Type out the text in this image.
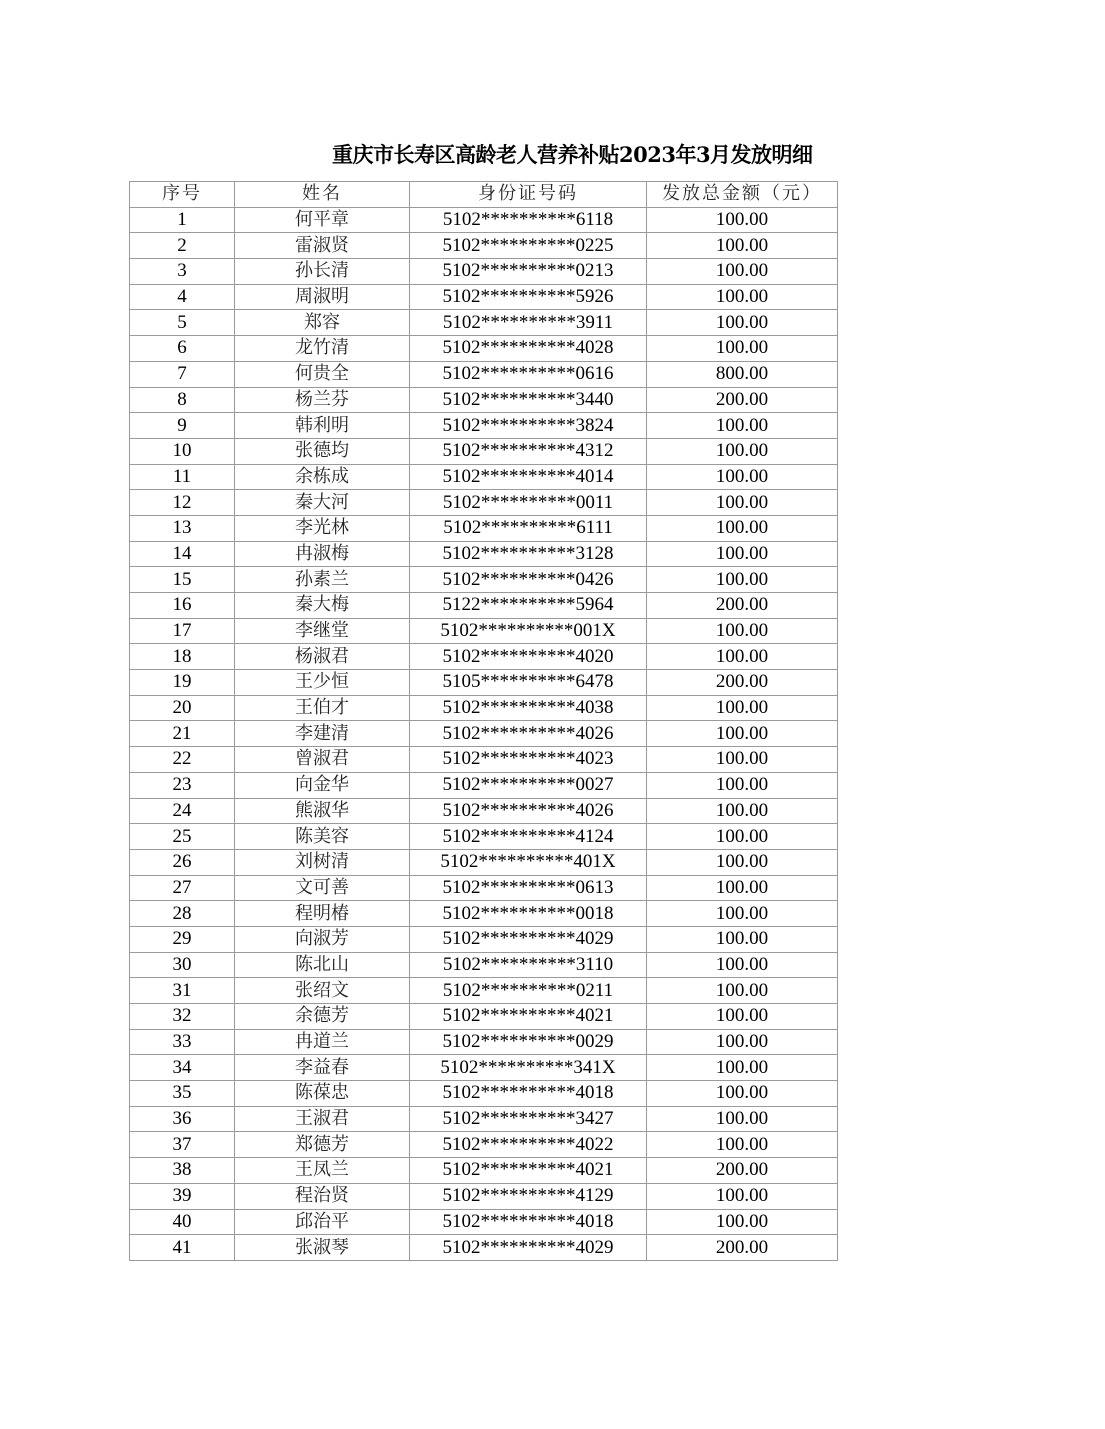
重庆市长寿区高龄老人营养补贴2023年3月发放明细
序号	姓名	身份证号码	发放总金额（元）
1	何平章	5102**********6118	100.00
2	雷淑贤	5102**********0225	100.00
3	孙长清	5102**********0213	100.00
4	周淑明	5102**********5926	100.00
5	郑容	5102**********3911	100.00
6	龙竹清	5102**********4028	100.00
7	何贵全	5102**********0616	800.00
8	杨兰芬	5102**********3440	200.00
9	韩利明	5102**********3824	100.00
10	张德均	5102**********4312	100.00
11	余栋成	5102**********4014	100.00
12	秦大河	5102**********0011	100.00
13	李光林	5102**********6111	100.00
14	冉淑梅	5102**********3128	100.00
15	孙素兰	5102**********0426	100.00
16	秦大梅	5122**********5964	200.00
17	李继堂	5102**********001X	100.00
18	杨淑君	5102**********4020	100.00
19	王少恒	5105**********6478	200.00
20	王伯才	5102**********4038	100.00
21	李建清	5102**********4026	100.00
22	曾淑君	5102**********4023	100.00
23	向金华	5102**********0027	100.00
24	熊淑华	5102**********4026	100.00
25	陈美容	5102**********4124	100.00
26	刘树清	5102**********401X	100.00
27	文可善	5102**********0613	100.00
28	程明椿	5102**********0018	100.00
29	向淑芳	5102**********4029	100.00
30	陈北山	5102**********3110	100.00
31	张绍文	5102**********0211	100.00
32	余德芳	5102**********4021	100.00
33	冉道兰	5102**********0029	100.00
34	李益春	5102**********341X	100.00
35	陈葆忠	5102**********4018	100.00
36	王淑君	5102**********3427	100.00
37	郑德芳	5102**********4022	100.00
38	王凤兰	5102**********4021	200.00
39	程治贤	5102**********4129	100.00
40	邱治平	5102**********4018	100.00
41	张淑琴	5102**********4029	200.00
